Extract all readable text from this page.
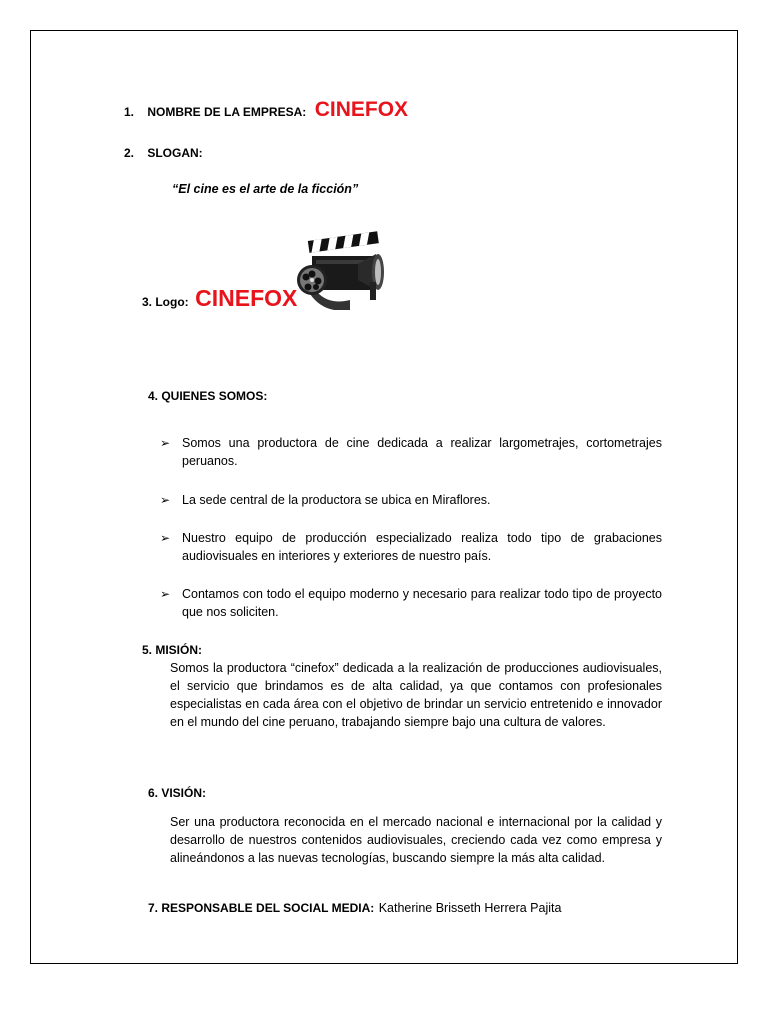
1.    NOMBRE DE LA EMPRESA: CINEFOX
2.    SLOGAN:
“El cine es el arte de la ficción”
3. Logo: CINEFOX
4. QUIENES SOMOS:
➢ Somos una productora de cine dedicada a realizar largometrajes, cortometrajes peruanos.
➢ La sede central de la productora se ubica en Miraflores.
➢ Nuestro equipo de producción especializado realiza todo tipo de grabaciones audiovisuales en interiores y exteriores de nuestro país.
➢ Contamos con todo el equipo moderno y necesario para realizar todo tipo de proyecto que nos soliciten.
5. MISIÓN:
Somos la productora “cinefox” dedicada a la realización de producciones audiovisuales, el servicio que brindamos es de alta calidad, ya que contamos con profesionales especialistas en cada área con el objetivo de brindar un servicio entretenido e innovador en el mundo del cine peruano, trabajando siempre bajo una cultura de valores.
6. VISIÓN:
Ser una productora reconocida en el mercado nacional e internacional por la calidad y desarrollo de nuestros contenidos audiovisuales, creciendo cada vez como empresa y alineándonos a las nuevas tecnologías, buscando siempre la más alta calidad.
7. RESPONSABLE DEL SOCIAL MEDIA: Katherine Brisseth Herrera Pajita
